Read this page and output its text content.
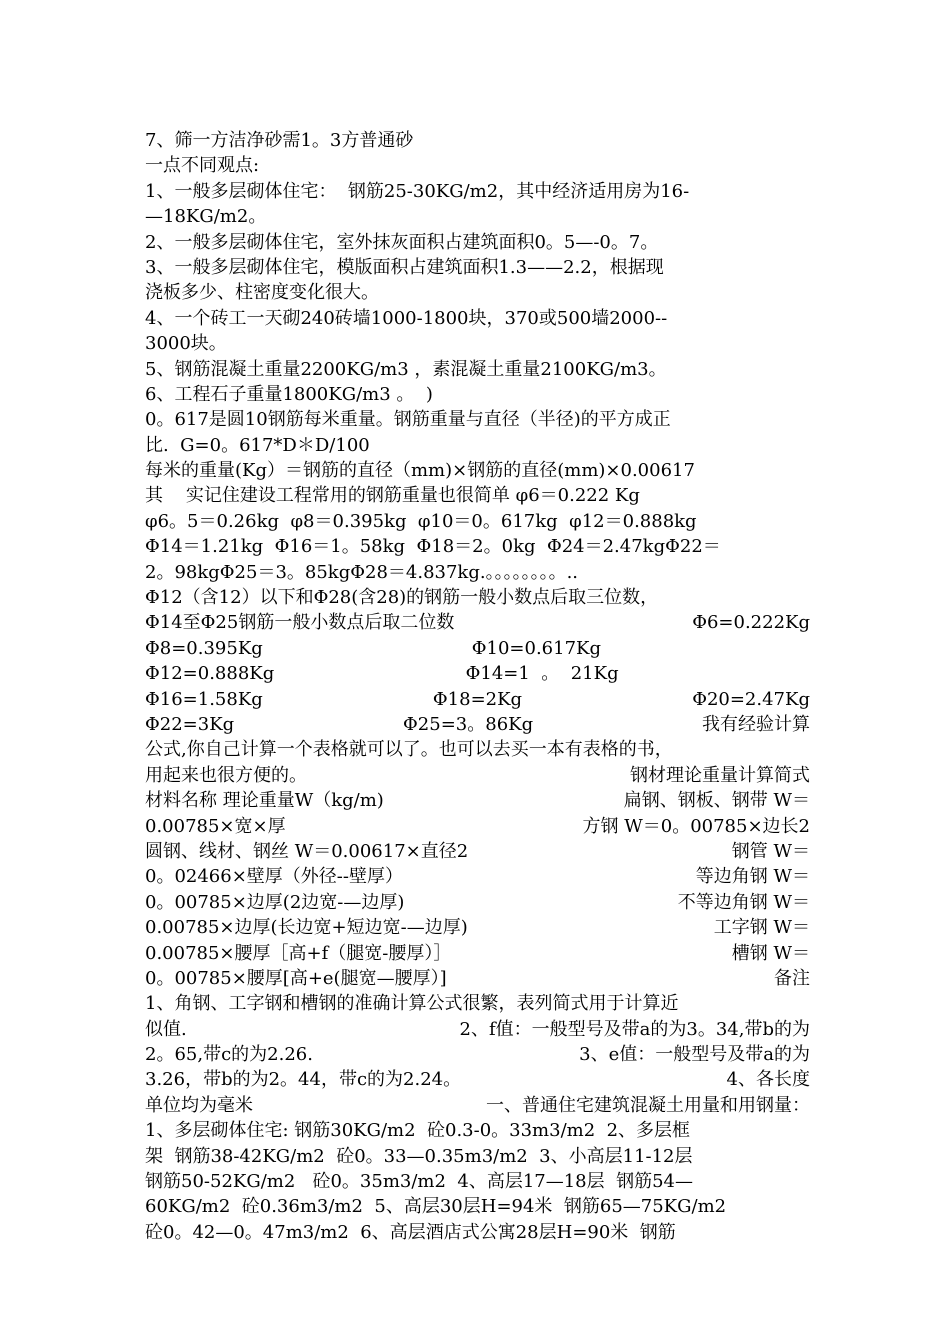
7、筛一方洁净砂需1。3方普通砂
一点不同观点:
1、一般多层砌体住宅：  钢筋25-30KG/m2，其中经济适用房为16-
—18KG/m2。
2、一般多层砌体住宅，室外抹灰面积占建筑面积0。5—-0。7。
3、一般多层砌体住宅，模版面积占建筑面积1.3——2.2，根据现
浇板多少、柱密度变化很大。
4、一个砖工一天砌240砖墙1000-1800块，370或500墙2000--
3000块。
5、钢筋混凝土重量2200KG/m3 ，素混凝土重量2100KG/m3。
6、工程石子重量1800KG/m3 。  )
0。617是圆10钢筋每米重量。钢筋重量与直径（半径)的平方成正
比.  G=0。617*D＊D/100
每米的重量(Kg）＝钢筋的直径（mm)×钢筋的直径(mm)×0.00617
其    实记住建设工程常用的钢筋重量也很简单 φ6＝0.222 Kg
φ6。5＝0.26kg  φ8＝0.395kg  φ10＝0。617kg  φ12＝0.888kg
Φ14＝1.21kg  Φ16＝1。58kg  Φ18＝2。0kg  Φ24＝2.47kgΦ22＝
2。98kgΦ25＝3。85kgΦ28＝4.837kg.。。。。。。。。..
Φ12（含12）以下和Φ28(含28)的钢筋一般小数点后取三位数，
Φ14至Φ25钢筋一般小数点后取二位数	Φ6=0.222Kg
Φ8=0.395Kg	Φ10=0.617Kg
Φ12=0.888Kg	Φ14=1  。  21Kg
Φ16=1.58Kg	Φ18=2Kg	Φ20=2.47Kg
Φ22=3Kg	Φ25=3。86Kg	我有经验计算
公式,你自己计算一个表格就可以了。也可以去买一本有表格的书，
用起来也很方便的。	钢材理论重量计算简式
材料名称 理论重量W（kg/m)	扁钢、钢板、钢带 W＝
0.00785×宽×厚	方钢 W＝0。00785×边长2
圆钢、线材、钢丝 W＝0.00617×直径2	钢管 W＝
0。02466×壁厚（外径--壁厚）	等边角钢 W＝
0。00785×边厚(2边宽-—边厚)	不等边角钢 W＝
0.00785×边厚(长边宽+短边宽-—边厚)	工字钢 W＝
0.00785×腰厚［高+f（腿宽-腰厚）］	槽钢 W＝
0。00785×腰厚[高+e(腿宽—腰厚）]	备注
1、角钢、工字钢和槽钢的准确计算公式很繁，表列简式用于计算近
似值.	2、f值：一般型号及带a的为3。34,带b的为
2。65,带c的为2.26.	3、e值：一般型号及带a的为
3.26，带b的为2。44，带c的为2.24。	4、各长度
单位均为毫米	一、普通住宅建筑混凝土用量和用钢量：
1、多层砌体住宅: 钢筋30KG/m2  砼0.3-0。33m3/m2  2、多层框
架  钢筋38-42KG/m2  砼0。33—0.35m3/m2  3、小高层11-12层
钢筋50-52KG/m2   砼0。35m3/m2  4、高层17—18层  钢筋54—
60KG/m2  砼0.36m3/m2  5、高层30层H=94米  钢筋65—75KG/m2
砼0。42—0。47m3/m2  6、高层酒店式公寓28层H=90米  钢筋
